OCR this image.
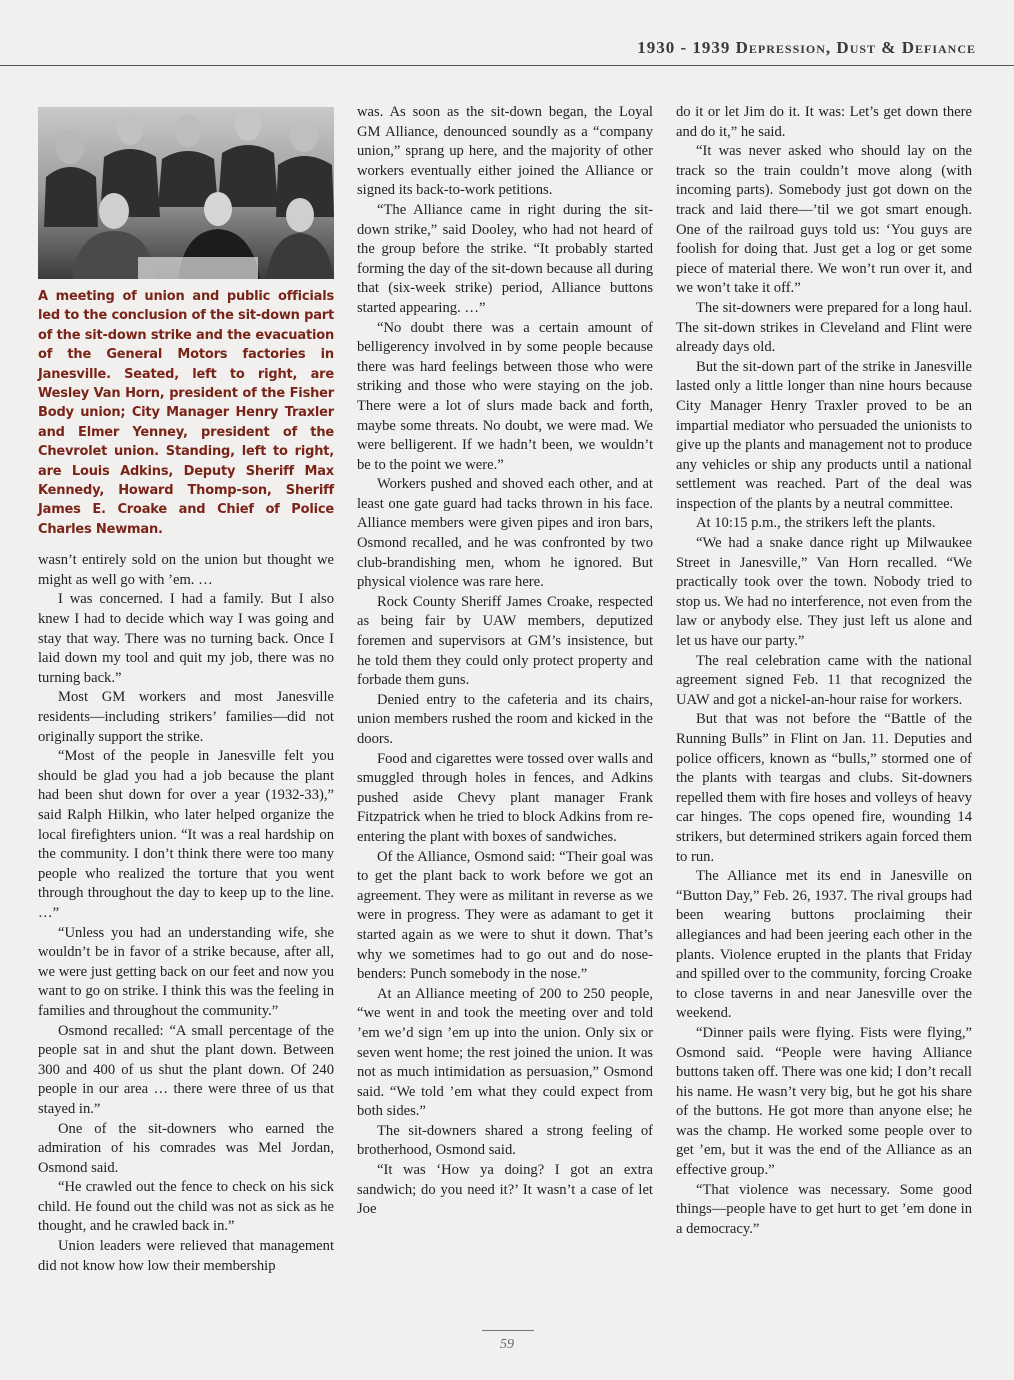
1930 - 1939 Depression, Dust & Defiance
A meeting of union and public officials led to the conclusion of the sit-down part of the sit-down strike and the evacuation of the General Motors factories in Janesville. Seated, left to right, are Wesley Van Horn, president of the Fisher Body union; City Manager Henry Traxler and Elmer Yenney, president of the Chevrolet union. Standing, left to right, are Louis Adkins, Deputy Sheriff Max Kennedy, Howard Thomp-son, Sheriff James E. Croake and Chief of Police Charles Newman.

wasn’t entirely sold on the union but thought we might as well go with ’em. …

I was concerned. I had a family. But I also knew I had to decide which way I was going and stay that way. There was no turning back. Once I laid down my tool and quit my job, there was no turning back.”

Most GM workers and most Janesville residents—including strikers’ families—did not originally support the strike.

“Most of the people in Janesville felt you should be glad you had a job because the plant had been shut down for over a year (1932-33),” said Ralph Hilkin, who later helped organize the local firefighters union. “It was a real hardship on the community. I don’t think there were too many people who realized the torture that you went through throughout the day to keep up to the line. …”

“Unless you had an understanding wife, she wouldn’t be in favor of a strike because, after all, we were just getting back on our feet and now you want to go on strike. I think this was the feeling in families and throughout the community.”

Osmond recalled: “A small percentage of the people sat in and shut the plant down. Between 300 and 400 of us shut the plant down. Of 240 people in our area … there were three of us that stayed in.”

One of the sit-downers who earned the admiration of his comrades was Mel Jordan, Osmond said.

“He crawled out the fence to check on his sick child. He found out the child was not as sick as he thought, and he crawled back in.”

Union leaders were relieved that management did not know how low their membership

was. As soon as the sit-down began, the Loyal GM Alliance, denounced soundly as a “company union,” sprang up here, and the majority of other workers eventually either joined the Alliance or signed its back-to-work petitions.

“The Alliance came in right during the sit-down strike,” said Dooley, who had not heard of the group before the strike. “It probably started forming the day of the sit-down because all during that (six-week strike) period, Alliance buttons started appearing. …”

“No doubt there was a certain amount of belligerency involved in by some people because there was hard feelings between those who were striking and those who were staying on the job. There were a lot of slurs made back and forth, maybe some threats. No doubt, we were mad. We were belligerent. If we hadn’t been, we wouldn’t be to the point we were.”

Workers pushed and shoved each other, and at least one gate guard had tacks thrown in his face. Alliance members were given pipes and iron bars, Osmond recalled, and he was confronted by two club-brandishing men, whom he ignored. But physical violence was rare here.

Rock County Sheriff James Croake, respected as being fair by UAW members, deputized foremen and supervisors at GM’s insistence, but he told them they could only protect property and forbade them guns.

Denied entry to the cafeteria and its chairs, union members rushed the room and kicked in the doors.

Food and cigarettes were tossed over walls and smuggled through holes in fences, and Adkins pushed aside Chevy plant manager Frank Fitzpatrick when he tried to block Adkins from re-entering the plant with boxes of sandwiches.

Of the Alliance, Osmond said: “Their goal was to get the plant back to work before we got an agreement. They were as militant in reverse as we were in progress. They were as adamant to get it started again as we were to shut it down. That’s why we sometimes had to go out and do nose-benders: Punch somebody in the nose.”

At an Alliance meeting of 200 to 250 people, “we went in and took the meeting over and told ’em we’d sign ’em up into the union. Only six or seven went home; the rest joined the union. It was not as much intimidation as persuasion,” Osmond said. “We told ’em what they could expect from both sides.”

The sit-downers shared a strong feeling of brotherhood, Osmond said.

“It was ‘How ya doing? I got an extra sandwich; do you need it?’ It wasn’t a case of let Joe

do it or let Jim do it. It was: Let’s get down there and do it,” he said.

“It was never asked who should lay on the track so the train couldn’t move along (with incoming parts). Somebody just got down on the track and laid there—’til we got smart enough. One of the railroad guys told us: ‘You guys are foolish for doing that. Just get a log or get some piece of material there. We won’t run over it, and we won’t take it off.”

The sit-downers were prepared for a long haul. The sit-down strikes in Cleveland and Flint were already days old.

But the sit-down part of the strike in Janesville lasted only a little longer than nine hours because City Manager Henry Traxler proved to be an impartial mediator who persuaded the unionists to give up the plants and management not to produce any vehicles or ship any products until a national settlement was reached. Part of the deal was inspection of the plants by a neutral committee.

At 10:15 p.m., the strikers left the plants.

“We had a snake dance right up Milwaukee Street in Janesville,” Van Horn recalled. “We practically took over the town. Nobody tried to stop us. We had no interference, not even from the law or anybody else. They just left us alone and let us have our party.”

The real celebration came with the national agreement signed Feb. 11 that recognized the UAW and got a nickel-an-hour raise for workers.

But that was not before the “Battle of the Running Bulls” in Flint on Jan. 11. Deputies and police officers, known as “bulls,” stormed one of the plants with teargas and clubs. Sit-downers repelled them with fire hoses and volleys of heavy car hinges. The cops opened fire, wounding 14 strikers, but determined strikers again forced them to run.

The Alliance met its end in Janesville on “Button Day,” Feb. 26, 1937. The rival groups had been wearing buttons proclaiming their allegiances and had been jeering each other in the plants. Violence erupted in the plants that Friday and spilled over to the community, forcing Croake to close taverns in and near Janesville over the weekend.

“Dinner pails were flying. Fists were flying,” Osmond said. “People were having Alliance buttons taken off. There was one kid; I don’t recall his name. He wasn’t very big, but he got his share of the buttons. He got more than anyone else; he was the champ. He worked some people over to get ’em, but it was the end of the Alliance as an effective group.”

“That violence was necessary. Some good things—people have to get hurt to get ’em done in a democracy.”

59
